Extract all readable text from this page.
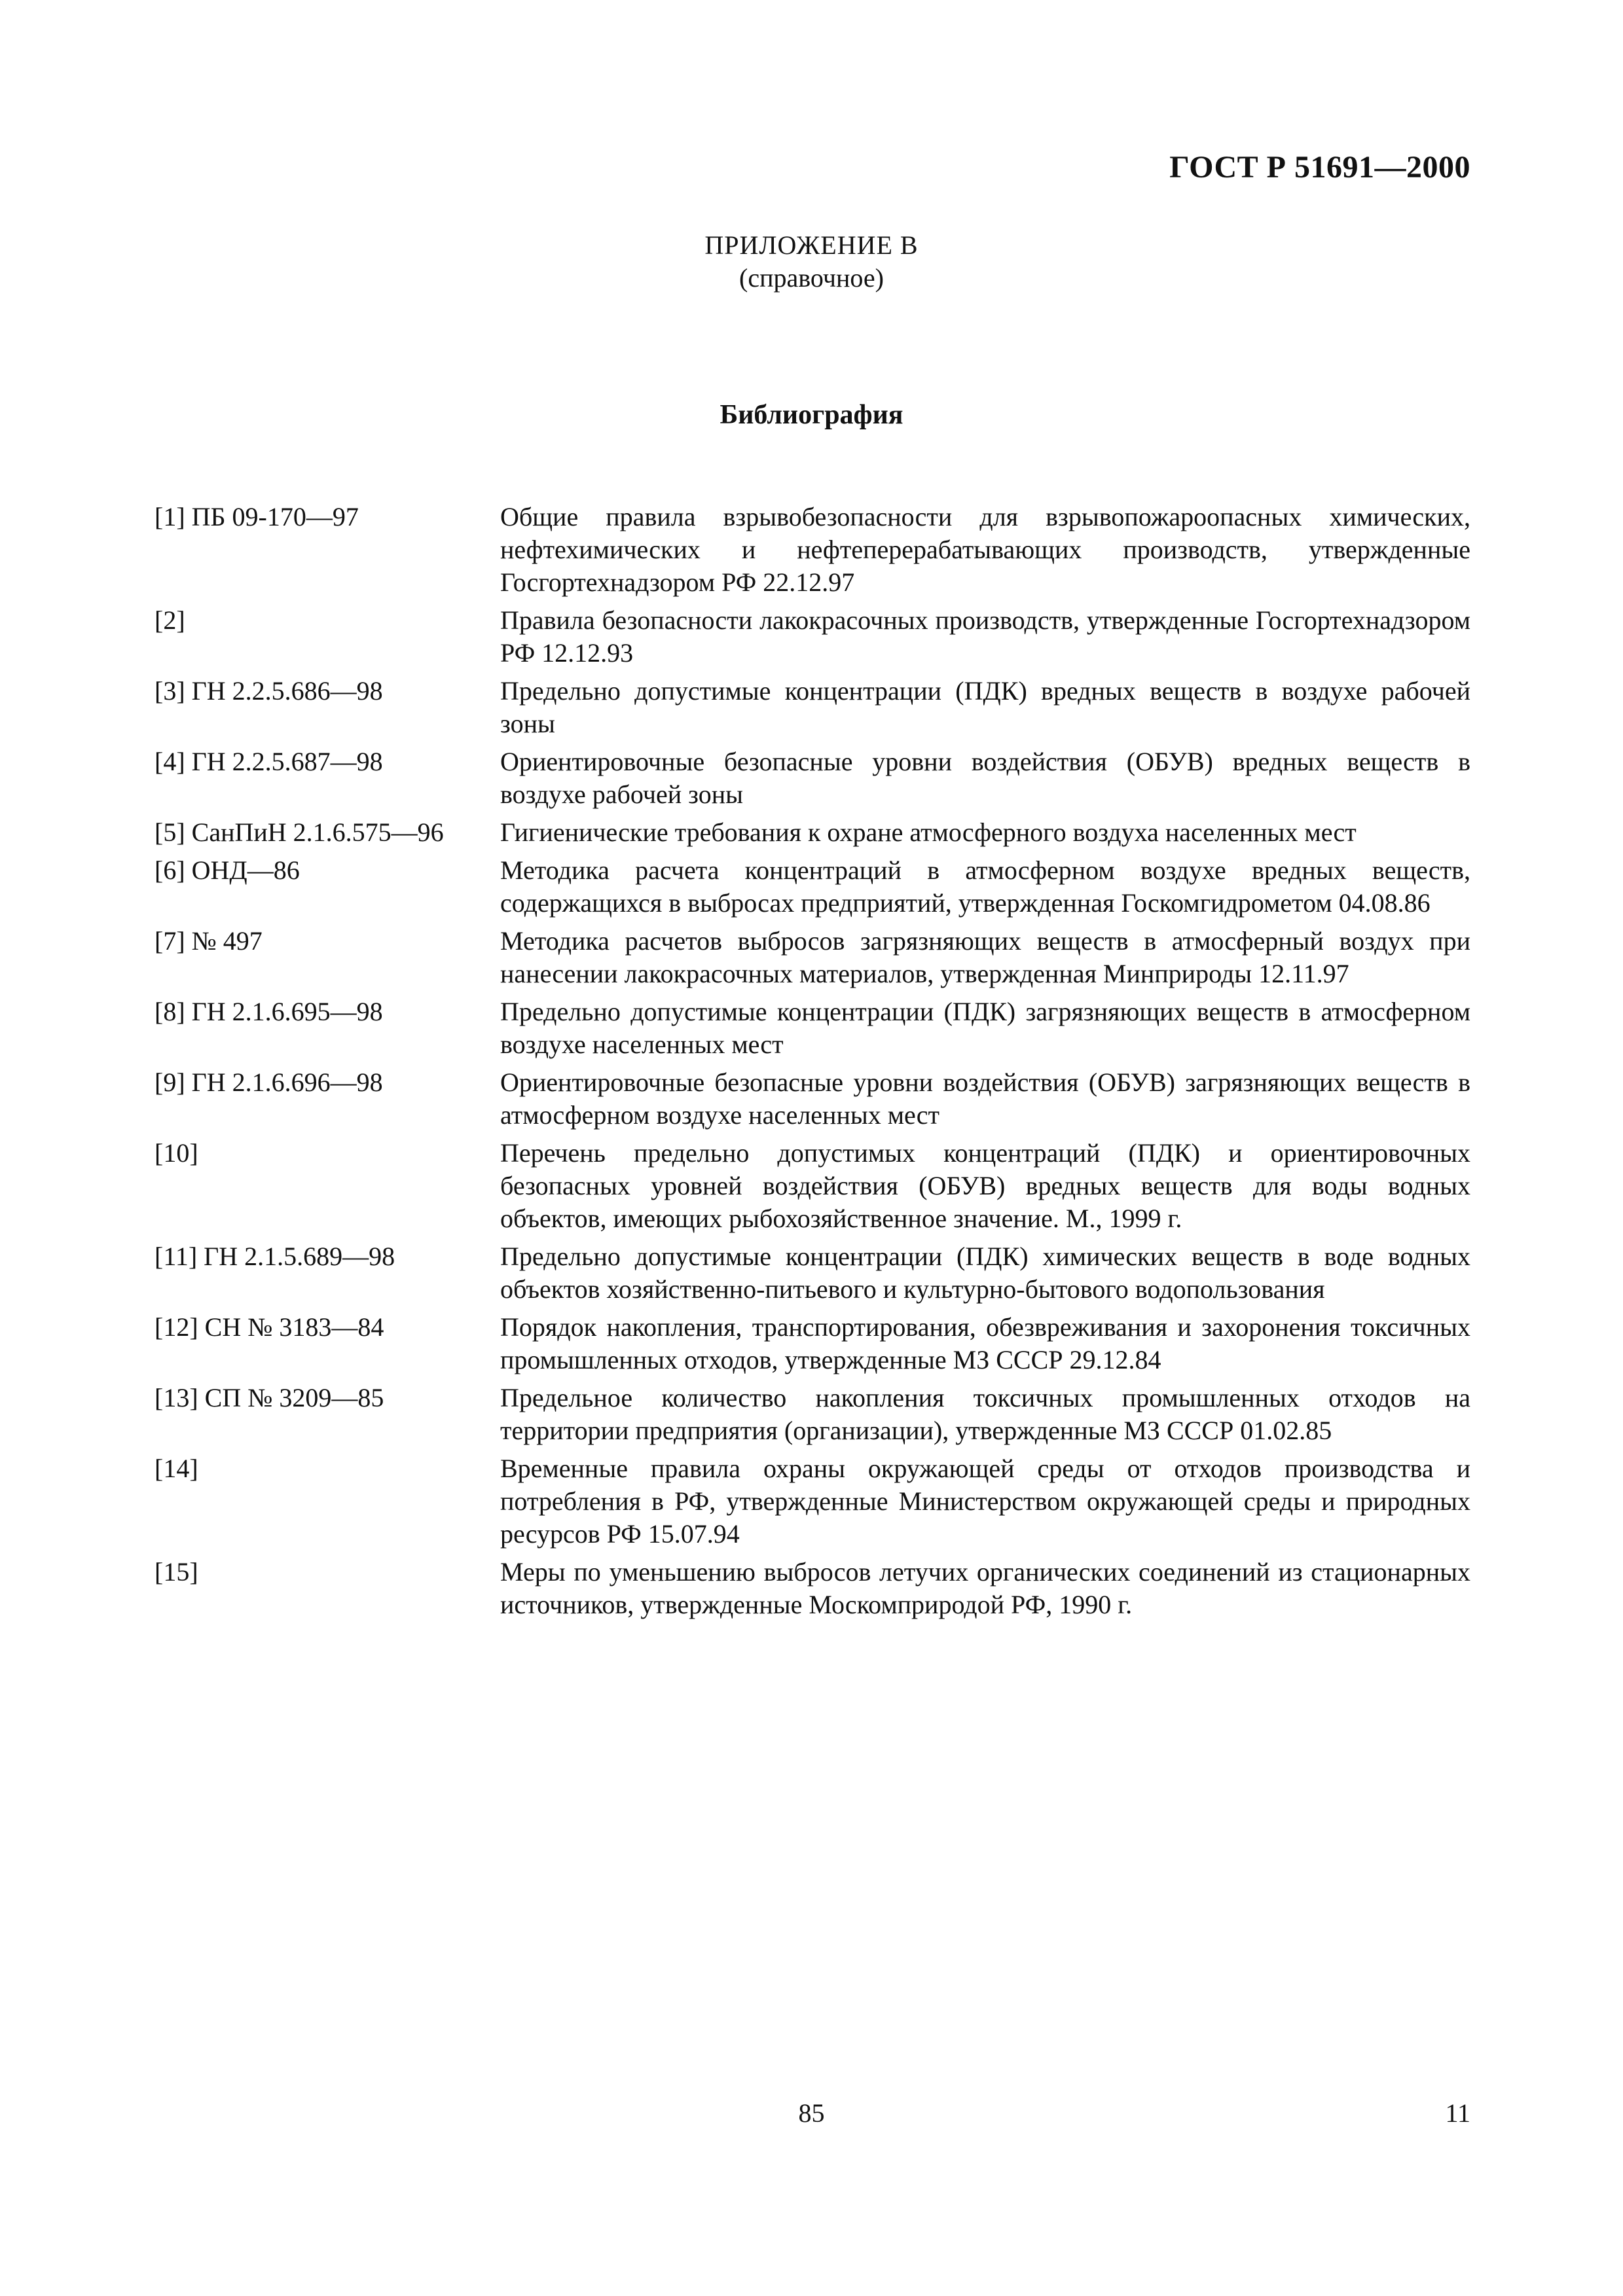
ГОСТ Р 51691—2000
ПРИЛОЖЕНИЕ В
(справочное)
Библиография
[1] ПБ 09-170—97	Общие правила взрывобезопасности для взрывопожароопасных химических, нефтехимических и нефтеперерабатывающих производств, утвержденные Госгортехнадзором РФ 22.12.97
[2]	Правила безопасности лакокрасочных производств, утвержденные Госгортехнадзором РФ 12.12.93
[3] ГН 2.2.5.686—98	Предельно допустимые концентрации (ПДК) вредных веществ в воздухе рабочей зоны
[4] ГН 2.2.5.687—98	Ориентировочные безопасные уровни воздействия (ОБУВ) вредных веществ в воздухе рабочей зоны
[5] СанПиН 2.1.6.575—96	Гигиенические требования к охране атмосферного воздуха населенных мест
[6] ОНД—86	Методика расчета концентраций в атмосферном воздухе вредных веществ, содержащихся в выбросах предприятий, утвержденная Госкомгидрометом 04.08.86
[7] № 497	Методика расчетов выбросов загрязняющих веществ в атмосферный воздух при нанесении лакокрасочных материалов, утвержденная Минприроды 12.11.97
[8] ГН 2.1.6.695—98	Предельно допустимые концентрации (ПДК) загрязняющих веществ в атмосферном воздухе населенных мест
[9] ГН 2.1.6.696—98	Ориентировочные безопасные уровни воздействия (ОБУВ) загрязняющих веществ в атмосферном воздухе населенных мест
[10]	Перечень предельно допустимых концентраций (ПДК) и ориентировочных безопасных уровней воздействия (ОБУВ) вредных веществ для воды водных объектов, имеющих рыбохозяйственное значение. М., 1999 г.
[11] ГН 2.1.5.689—98	Предельно допустимые концентрации (ПДК) химических веществ в воде водных объектов хозяйственно-питьевого и культурно-бытового водопользования
[12] СН № 3183—84	Порядок накопления, транспортирования, обезвреживания и захоронения токсичных промышленных отходов, утвержденные МЗ СССР 29.12.84
[13] СП № 3209—85	Предельное количество накопления токсичных промышленных отходов на территории предприятия (организации), утвержденные МЗ СССР 01.02.85
[14]	Временные правила охраны окружающей среды от отходов производства и потребления в РФ, утвержденные Министерством окружающей среды и природных ресурсов РФ 15.07.94
[15]	Меры по уменьшению выбросов летучих органических соединений из стационарных источников, утвержденные Москомприродой РФ, 1990 г.
85	11
